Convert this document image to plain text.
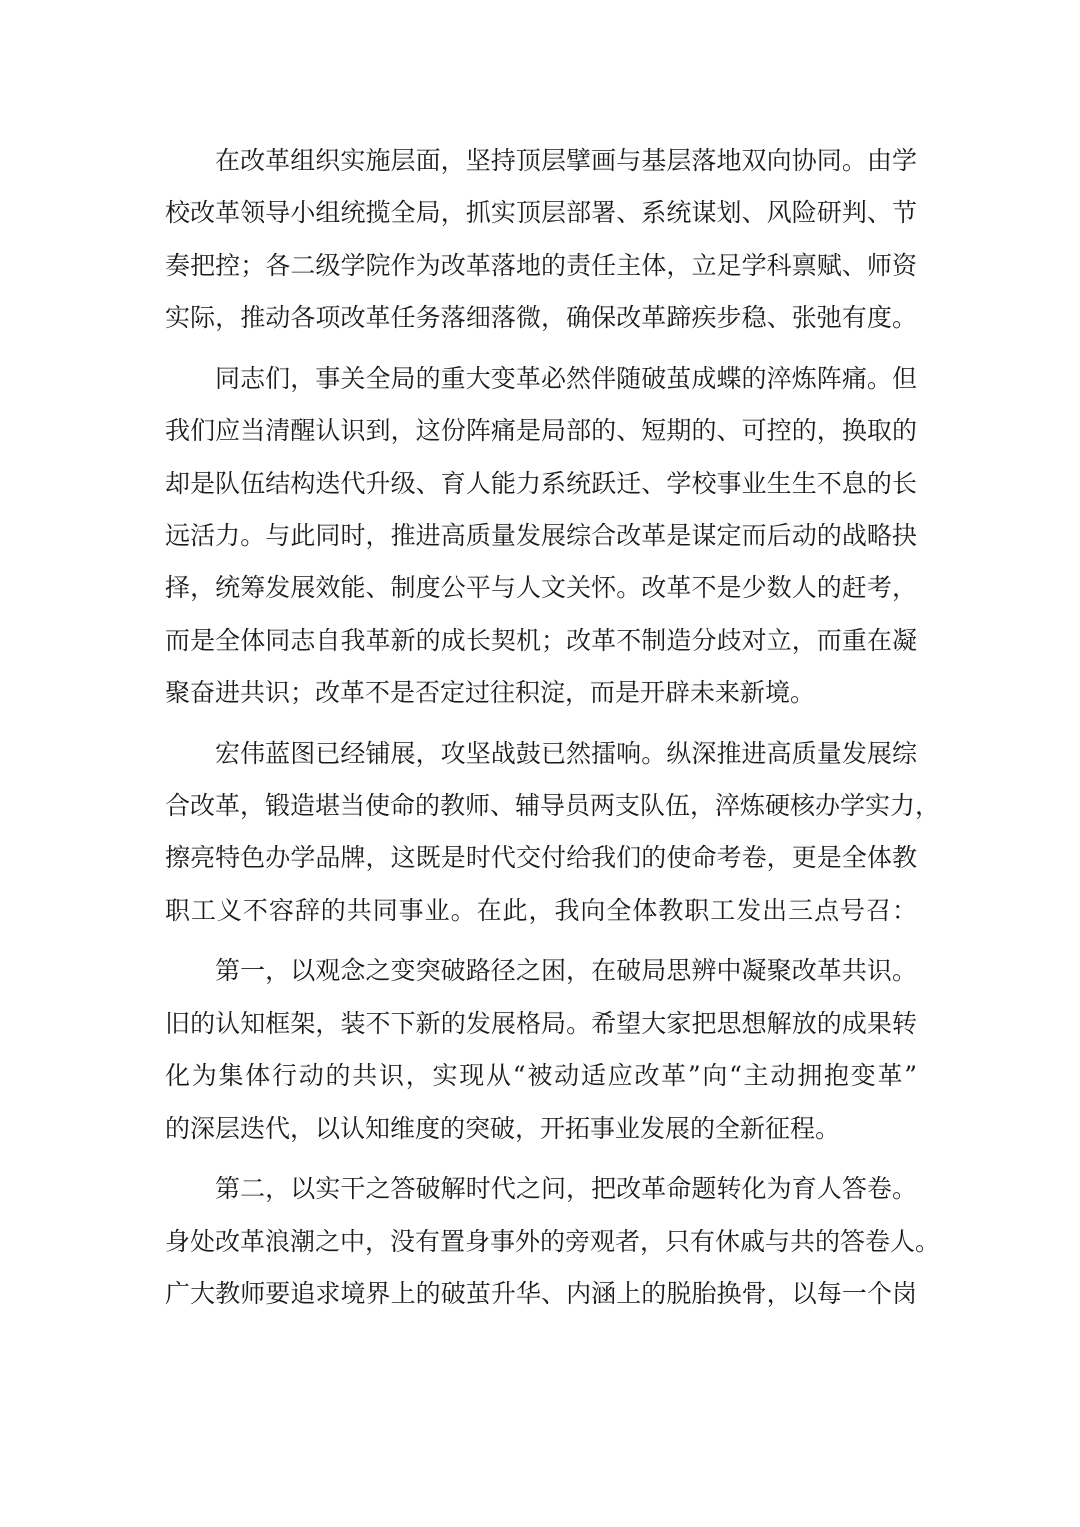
在改革组织实施层面，坚持顶层擘画与基层落地双向协同。由学
校改革领导小组统揽全局，抓实顶层部署、系统谋划、风险研判、节
奏把控；各二级学院作为改革落地的责任主体，立足学科禀赋、师资
实际，推动各项改革任务落细落微，确保改革蹄疾步稳、张弛有度。
同志们，事关全局的重大变革必然伴随破茧成蝶的淬炼阵痛。但
我们应当清醒认识到，这份阵痛是局部的、短期的、可控的，换取的
却是队伍结构迭代升级、育人能力系统跃迁、学校事业生生不息的长
远活力。与此同时，推进高质量发展综合改革是谋定而后动的战略抉
择，统筹发展效能、制度公平与人文关怀。改革不是少数人的赶考，
而是全体同志自我革新的成长契机；改革不制造分歧对立，而重在凝
聚奋进共识；改革不是否定过往积淀，而是开辟未来新境。
宏伟蓝图已经铺展，攻坚战鼓已然擂响。纵深推进高质量发展综
合改革，锻造堪当使命的教师、辅导员两支队伍，淬炼硬核办学实力，
擦亮特色办学品牌，这既是时代交付给我们的使命考卷，更是全体教
职工义不容辞的共同事业。在此，我向全体教职工发出三点号召：
第一，以观念之变突破路径之困，在破局思辨中凝聚改革共识。
旧的认知框架，装不下新的发展格局。希望大家把思想解放的成果转
化为集体行动的共识，实现从“被动适应改革”向“主动拥抱变革”
的深层迭代，以认知维度的突破，开拓事业发展的全新征程。
第二，以实干之答破解时代之问，把改革命题转化为育人答卷。
身处改革浪潮之中，没有置身事外的旁观者，只有休戚与共的答卷人。
广大教师要追求境界上的破茧升华、内涵上的脱胎换骨，以每一个岗
